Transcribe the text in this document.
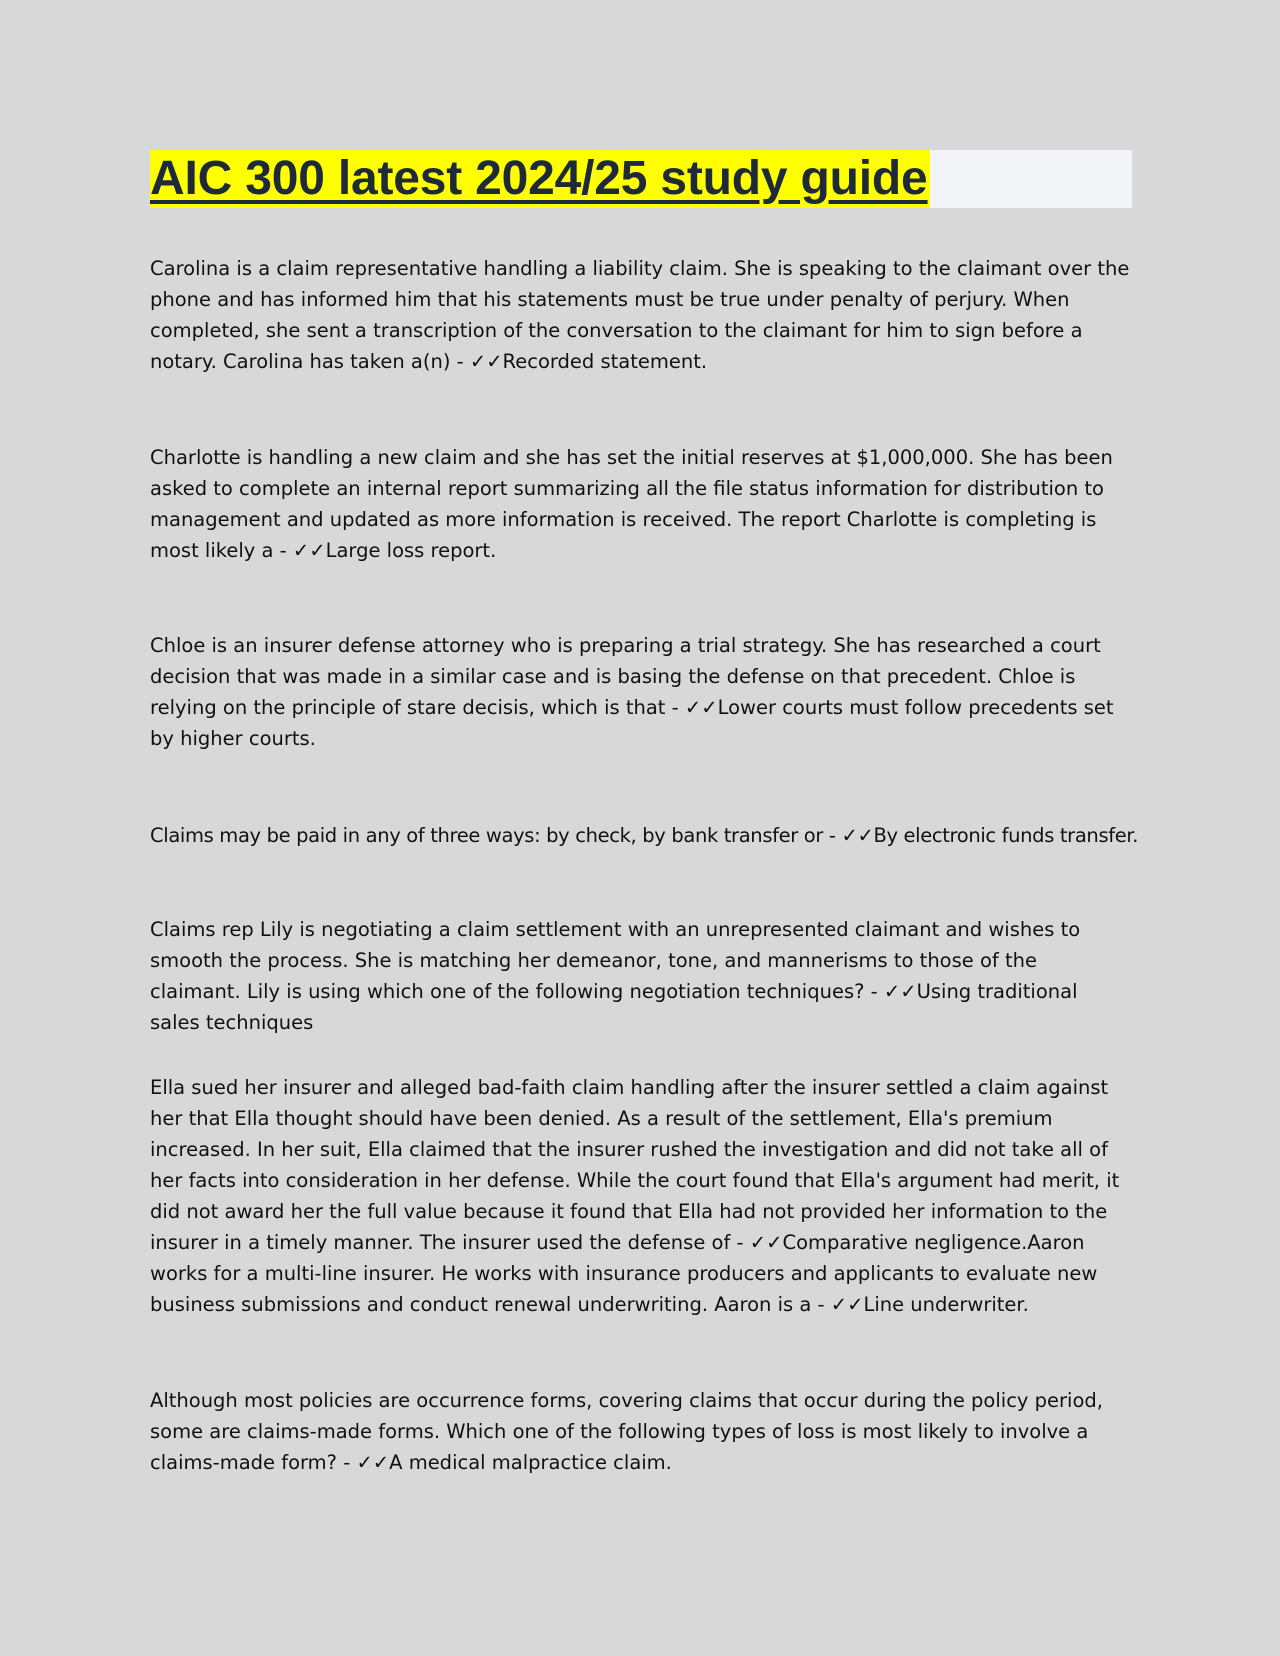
AIC 300 latest 2024/25 study guide
Carolina is a claim representative handling a liability claim. She is speaking to the claimant over the phone and has informed him that his statements must be true under penalty of perjury. When completed, she sent a transcription of the conversation to the claimant for him to sign before a notary. Carolina has taken a(n) - ✓✓Recorded statement.
Charlotte is handling a new claim and she has set the initial reserves at $1,000,000. She has been asked to complete an internal report summarizing all the file status information for distribution to management and updated as more information is received. The report Charlotte is completing is most likely a - ✓✓Large loss report.
Chloe is an insurer defense attorney who is preparing a trial strategy. She has researched a court decision that was made in a similar case and is basing the defense on that precedent. Chloe is relying on the principle of stare decisis, which is that - ✓✓Lower courts must follow precedents set by higher courts.
Claims may be paid in any of three ways: by check, by bank transfer or - ✓✓By electronic funds transfer.
Claims rep Lily is negotiating a claim settlement with an unrepresented claimant and wishes to smooth the process. She is matching her demeanor, tone, and mannerisms to those of the claimant. Lily is using which one of the following negotiation techniques? - ✓✓Using traditional sales techniques
Ella sued her insurer and alleged bad-faith claim handling after the insurer settled a claim against her that Ella thought should have been denied. As a result of the settlement, Ella's premium increased. In her suit, Ella claimed that the insurer rushed the investigation and did not take all of her facts into consideration in her defense. While the court found that Ella's argument had merit, it did not award her the full value because it found that Ella had not provided her information to the insurer in a timely manner. The insurer used the defense of - ✓✓Comparative negligence.Aaron works for a multi-line insurer. He works with insurance producers and applicants to evaluate new business submissions and conduct renewal underwriting. Aaron is a - ✓✓Line underwriter.
Although most policies are occurrence forms, covering claims that occur during the policy period, some are claims-made forms. Which one of the following types of loss is most likely to involve a claims-made form? - ✓✓A medical malpractice claim.
